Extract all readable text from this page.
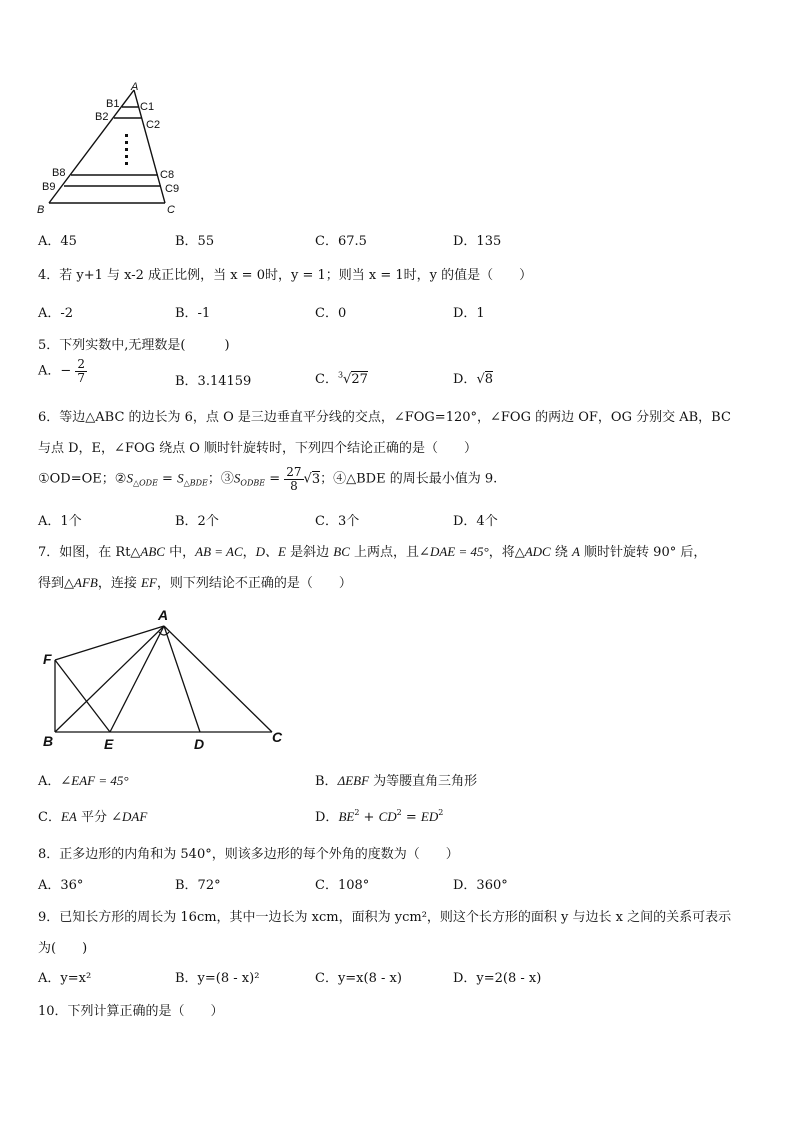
A
B1 C1
B2
C2
B8	C8
B9	C9
B	C
A．45	B．55	C．67.5	D．135
4．若 y+1 与 x-2 成正比例，当 x = 0时，y = 1；则当 x = 1时，y 的值是（　　）
A．-2	B．-1	C．0	D．1
5．下列实数中,无理数是(　　　)
A．− $\frac{2}{7}$	B．3.14159	C．$^3$√27	D．√8
6．等边△ABC 的边长为 6，点 O 是三边垂直平分线的交点，∠FOG=120°，∠FOG 的两边 OF，OG 分别交 AB，BC
与点 D，E，∠FOG 绕点 O 顺时针旋转时，下列四个结论正确的是（　　）
①OD=OE；$②S_{\triangle ODE} = S_{\triangle BDE}$；$③S_{ODBE} = \frac{27}{8} √3$；④△BDE 的周长最小值为 9.
A．1个	B．2个	C．3个	D．4个
7．如图，在 Rt△ABC 中，AB = AC，D、E 是斜边 BC 上两点，且∠DAE = 45°，将△ADC 绕 A 顺时针旋转 90° 后，
得到△AFB，连接 EF，则下列结论不正确的是（　　）
A
F
B	E	D	C
A．∠EAF = 45°	B．ΔEBF 为等腰直角三角形
C．EA 平分 ∠DAF	D．$BE^2 + CD^2 = ED^2$
8．正多边形的内角和为 540°，则该多边形的每个外角的度数为（　　）
A．36°	B．72°	C．108°	D．360°
9．已知长方形的周长为 16cm，其中一边长为 xcm，面积为 ycm²，则这个长方形的面积 y 与边长 x 之间的关系可表示
为(　　)
A．y=x²	B．y=(8 - x)²	C．y=x(8 - x)	D．y=2(8 - x)
10．下列计算正确的是（　　）
